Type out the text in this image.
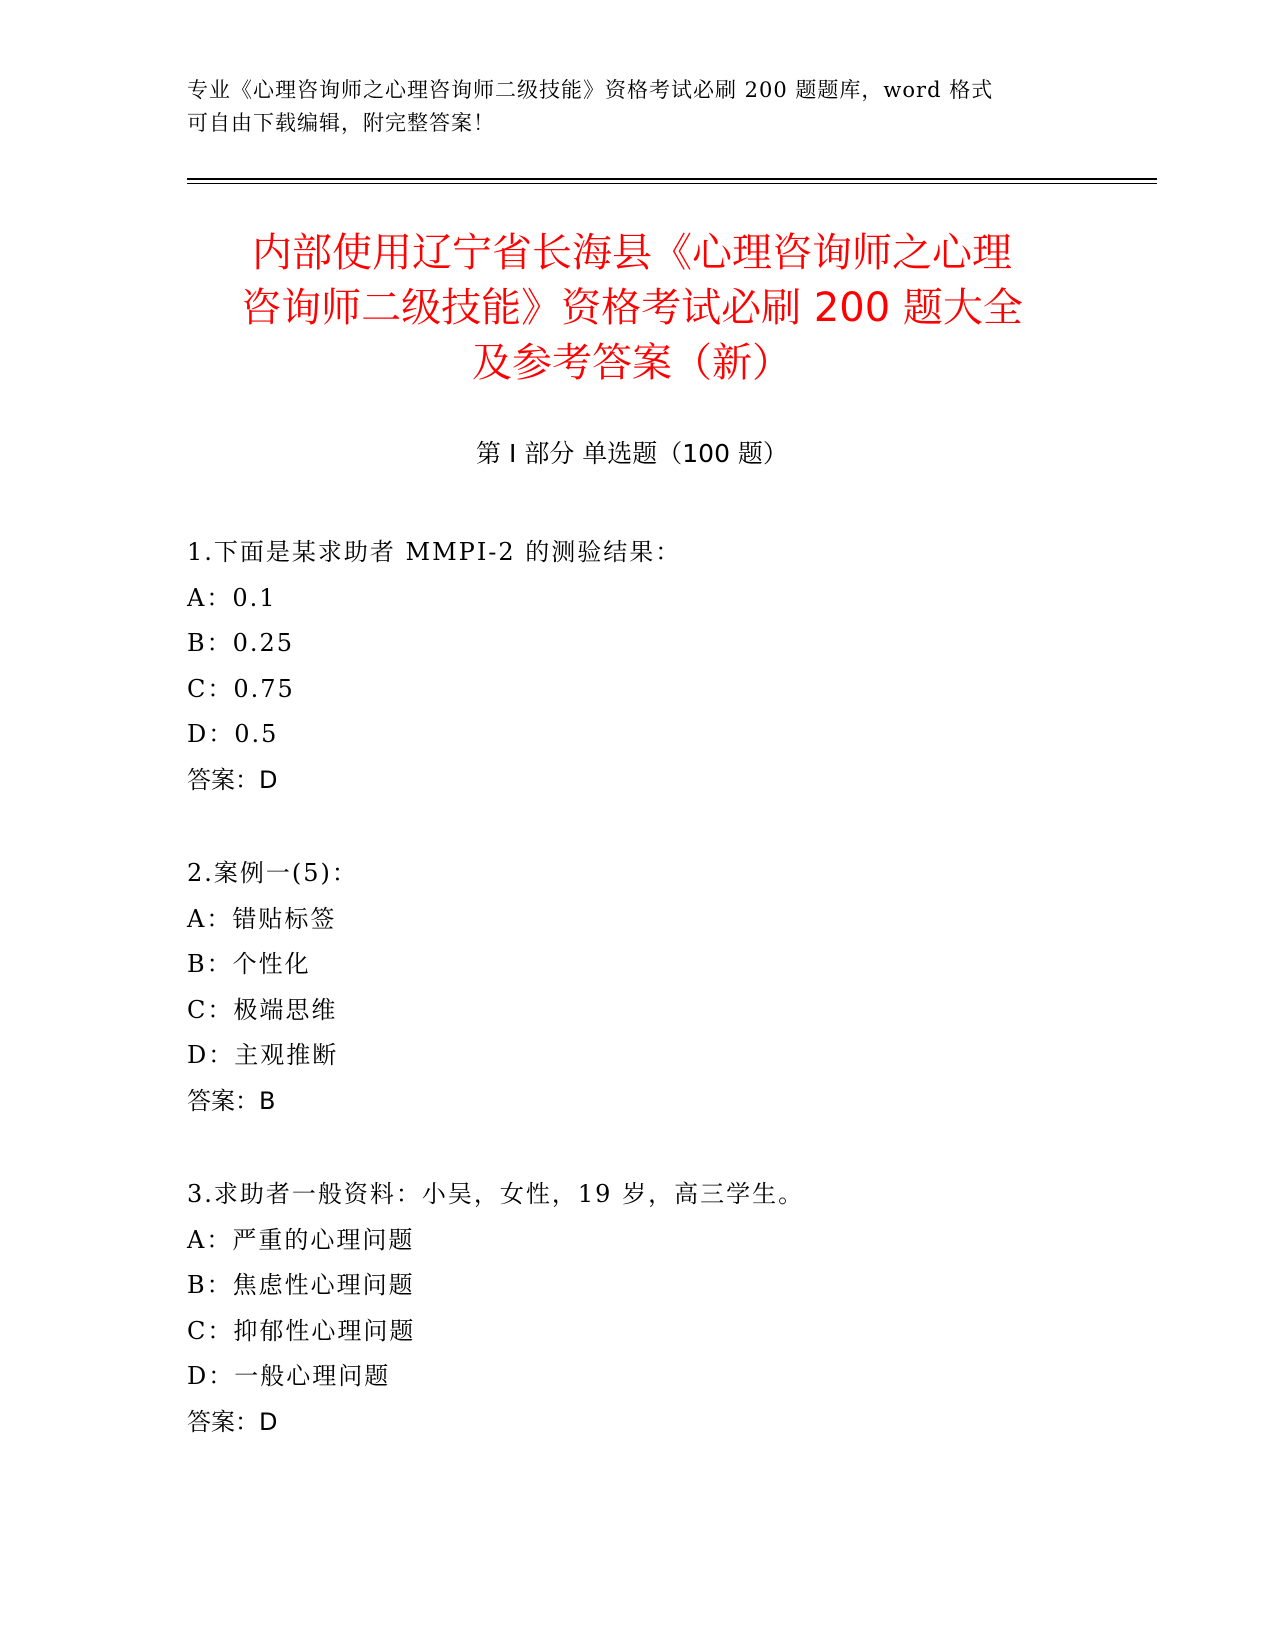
专业《心理咨询师之心理咨询师二级技能》资格考试必刷 200 题题库，word 格式
可自由下载编辑，附完整答案！
内部使用辽宁省长海县《心理咨询师之心理
咨询师二级技能》资格考试必刷 200 题大全
及参考答案（新）
第 I 部分 单选题（100 题）
1.下面是某求助者 MMPI-2 的测验结果：
A：0.1
B：0.25
C：0.75
D：0.5
答案：D
2.案例一(5)：
A：错贴标签
B：个性化
C：极端思维
D：主观推断
答案：B
3.求助者一般资料：小吴，女性，19 岁，高三学生。
A：严重的心理问题
B：焦虑性心理问题
C：抑郁性心理问题
D：一般心理问题
答案：D
